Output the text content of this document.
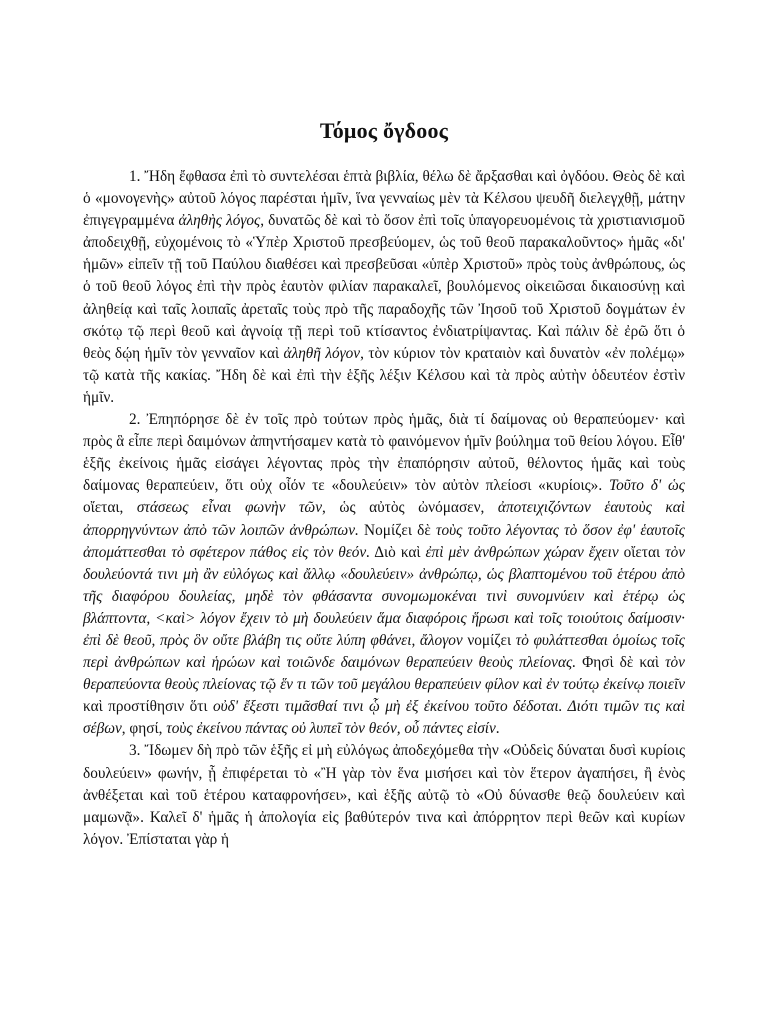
Τόμος ὄγδοος

1. Ἤδη ἔφθασα ἐπὶ τὸ συντελέσαι ἑπτὰ βιβλία, θέλω δὲ ἄρξασθαι καὶ ὀγδόου. Θεὸς δὲ καὶ ὁ «μονογενὴς» αὐτοῦ λόγος παρέσται ἡμῖν, ἵνα γενναίως μὲν τὰ Κέλσου ψευδῆ διελεγχθῇ, μάτην ἐπιγεγραμμένα ἀληθὴς λόγος, δυνατῶς δὲ καὶ τὸ ὅσον ἐπὶ τοῖς ὑπαγορευομένοις τὰ χριστιανισμοῦ ἀποδειχθῇ, εὐχομένοις τὸ «Ὑπὲρ Χριστοῦ πρεσβεύομεν, ὡς τοῦ θεοῦ παρακαλοῦντος» ἡμᾶς «δι' ἡμῶν» εἰπεῖν τῇ τοῦ Παύλου διαθέσει καὶ πρεσβεῦσαι «ὑπὲρ Χριστοῦ» πρὸς τοὺς ἀνθρώπους, ὡς ὁ τοῦ θεοῦ λόγος ἐπὶ τὴν πρὸς ἑαυτὸν φιλίαν παρακαλεῖ, βουλόμενος οἰκειῶσαι δικαιοσύνῃ καὶ ἀληθείᾳ καὶ ταῖς λοιπαῖς ἀρεταῖς τοὺς πρὸ τῆς παραδοχῆς τῶν Ἰησοῦ τοῦ Χριστοῦ δογμάτων ἐν σκότῳ τῷ περὶ θεοῦ καὶ ἀγνοίᾳ τῇ περὶ τοῦ κτίσαντος ἐνδιατρίψαντας. Καὶ πάλιν δὲ ἐρῶ ὅτι ὁ θεὸς δῴη ἡμῖν τὸν γενναῖον καὶ ἀληθῆ λόγον, τὸν κύριον τὸν κραταιὸν καὶ δυνατὸν «ἐν πολέμῳ» τῷ κατὰ τῆς κακίας. Ἤδη δὲ καὶ ἐπὶ τὴν ἑξῆς λέξιν Κέλσου καὶ τὰ πρὸς αὐτὴν ὁδευτέον ἐστὶν ἡμῖν.

2. Ἐπηπόρησε δὲ ἐν τοῖς πρὸ τούτων πρὸς ἡμᾶς, διὰ τί δαίμονας οὐ θεραπεύομεν· καὶ πρὸς ἃ εἶπε περὶ δαιμόνων ἀπηντήσαμεν κατὰ τὸ φαινόμενον ἡμῖν βούλημα τοῦ θείου λόγου. Εἶθ' ἑξῆς ἐκείνοις ἡμᾶς εἰσάγει λέγοντας πρὸς τὴν ἐπαπόρησιν αὐτοῦ, θέλοντος ἡμᾶς καὶ τοὺς δαίμονας θεραπεύειν, ὅτι οὐχ οἷόν τε «δουλεύειν» τὸν αὐτὸν πλείοσι «κυρίοις». Τοῦτο δ' ὡς οἴεται, στάσεως εἶναι φωνὴν τῶν, ὡς αὐτὸς ὠνόμασεν, ἀποτειχιζόντων ἑαυτοὺς καὶ ἀπορρηγνύντων ἀπὸ τῶν λοιπῶν ἀνθρώπων. Νομίζει δὲ τοὺς τοῦτο λέγοντας τὸ ὅσον ἐφ' ἑαυτοῖς ἀπομάττεσθαι τὸ σφέτερον πάθος εἰς τὸν θεόν. Διὸ καὶ ἐπὶ μὲν ἀνθρώπων χώραν ἔχειν οἴεται τὸν δουλεύοντά τινι μὴ ἂν εὐλόγως καὶ ἄλλῳ «δουλεύειν» ἀνθρώπῳ, ὡς βλαπτομένου τοῦ ἑτέρου ἀπὸ τῆς διαφόρου δουλείας, μηδὲ τὸν φθάσαντα συνομωμοκέναι τινὶ συνομνύειν καὶ ἑτέρῳ ὡς βλάπτοντα, <καὶ> λόγον ἔχειν τὸ μὴ δουλεύειν ἅμα διαφόροις ἥρωσι καὶ τοῖς τοιούτοις δαίμοσιν· ἐπὶ δὲ θεοῦ, πρὸς ὃν οὔτε βλάβη τις οὔτε λύπη φθάνει, ἄλογον νομίζει τὸ φυλάττεσθαι ὁμοίως τοῖς περὶ ἀνθρώπων καὶ ἡρώων καὶ τοιῶνδε δαιμόνων θεραπεύειν θεοὺς πλείονας. Φησὶ δὲ καὶ τὸν θεραπεύοντα θεοὺς πλείονας τῷ ἕν τι τῶν τοῦ μεγάλου θεραπεύειν φίλον καὶ ἐν τούτῳ ἐκείνῳ ποιεῖν καὶ προστίθησιν ὅτι οὐδ' ἔξεστι τιμᾶσθαί τινι ᾧ μὴ ἐξ ἐκείνου τοῦτο δέδοται. Διότι τιμῶν τις καὶ σέβων, φησί, τοὺς ἐκείνου πάντας οὐ λυπεῖ τὸν θεόν, οὗ πάντες εἰσίν.

3. Ἴδωμεν δὴ πρὸ τῶν ἑξῆς εἰ μὴ εὐλόγως ἀποδεχόμεθα τὴν «Οὐδεὶς δύναται δυσὶ κυρίοις δουλεύειν» φωνήν, ᾗ ἐπιφέρεται τὸ «Ἢ γὰρ τὸν ἕνα μισήσει καὶ τὸν ἕτερον ἀγαπήσει, ἢ ἑνὸς ἀνθέξεται καὶ τοῦ ἑτέρου καταφρονήσει», καὶ ἑξῆς αὐτῷ τὸ «Οὐ δύνασθε θεῷ δουλεύειν καὶ μαμωνᾷ». Καλεῖ δ' ἡμᾶς ἡ ἀπολογία εἰς βαθύτερόν τινα καὶ ἀπόρρητον περὶ θεῶν καὶ κυρίων λόγον. Ἐπίσταται γὰρ ἡ
